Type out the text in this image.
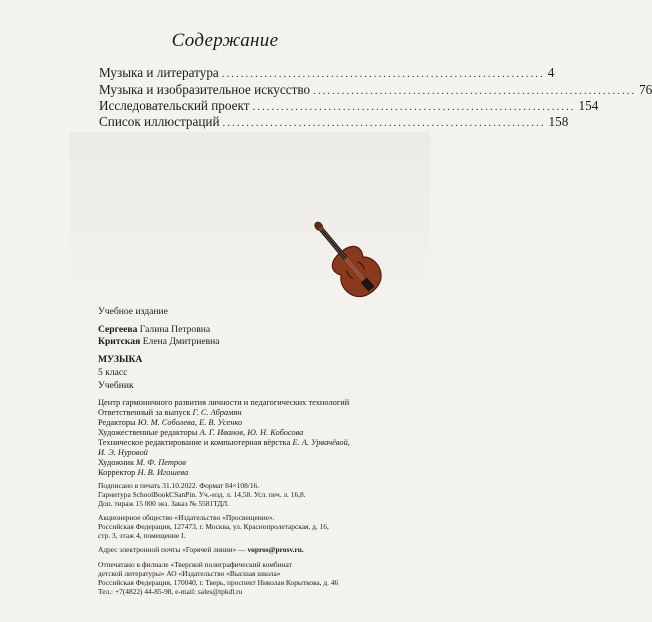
Содержание
Музыка и литература .................................................................... 4
Музыка и изобразительное искусство .................................................................... 76
Исследовательский проект .................................................................... 154
Список иллюстраций .................................................................... 158
Учебное издание
Сергеева Галина Петровна
Критская Елена Дмитриевна
МУЗЫКА
5 класс
Учебник
Центр гармоничного развития личности и педагогических технологий
Ответственный за выпуск Г. С. Абрамян
Редакторы Ю. М. Соболева, Е. В. Усенко
Художественные редакторы А. Г. Иванов, Ю. Н. Кобосова
Техническое редактирование и компьютерная вёрстка Е. А. Урвачёвой,
И. Э. Нуровой
Художник М. Ф. Петров
Корректор Н. В. Игошева
Подписано в печать 31.10.2022. Формат 84×108/16.
Гарнитура SchoolBookCSanPin. Уч.-изд. л. 14,58. Усл. печ. л. 16,8.
Доп. тираж 15 000 экз. Заказ № 5581ТДЛ.
Акционерное общество «Издательство «Просвещение».
Российская Федерация, 127473, г. Москва, ул. Краснопролетарская, д. 16,
стр. 3, этаж 4, помещение I.
Адрес электронной почты «Горячей линии» — vopros@prosv.ru.
Отпечатано в филиале «Тверской полиграфический комбинат
детской литературы» АО «Издательство «Высшая школа»
Российская Федерация, 170040, г. Тверь, проспект Николая Корыткова, д. 46
Тел.: +7(4822) 44-85-98, e-mail: sales@tpkdl.ru
